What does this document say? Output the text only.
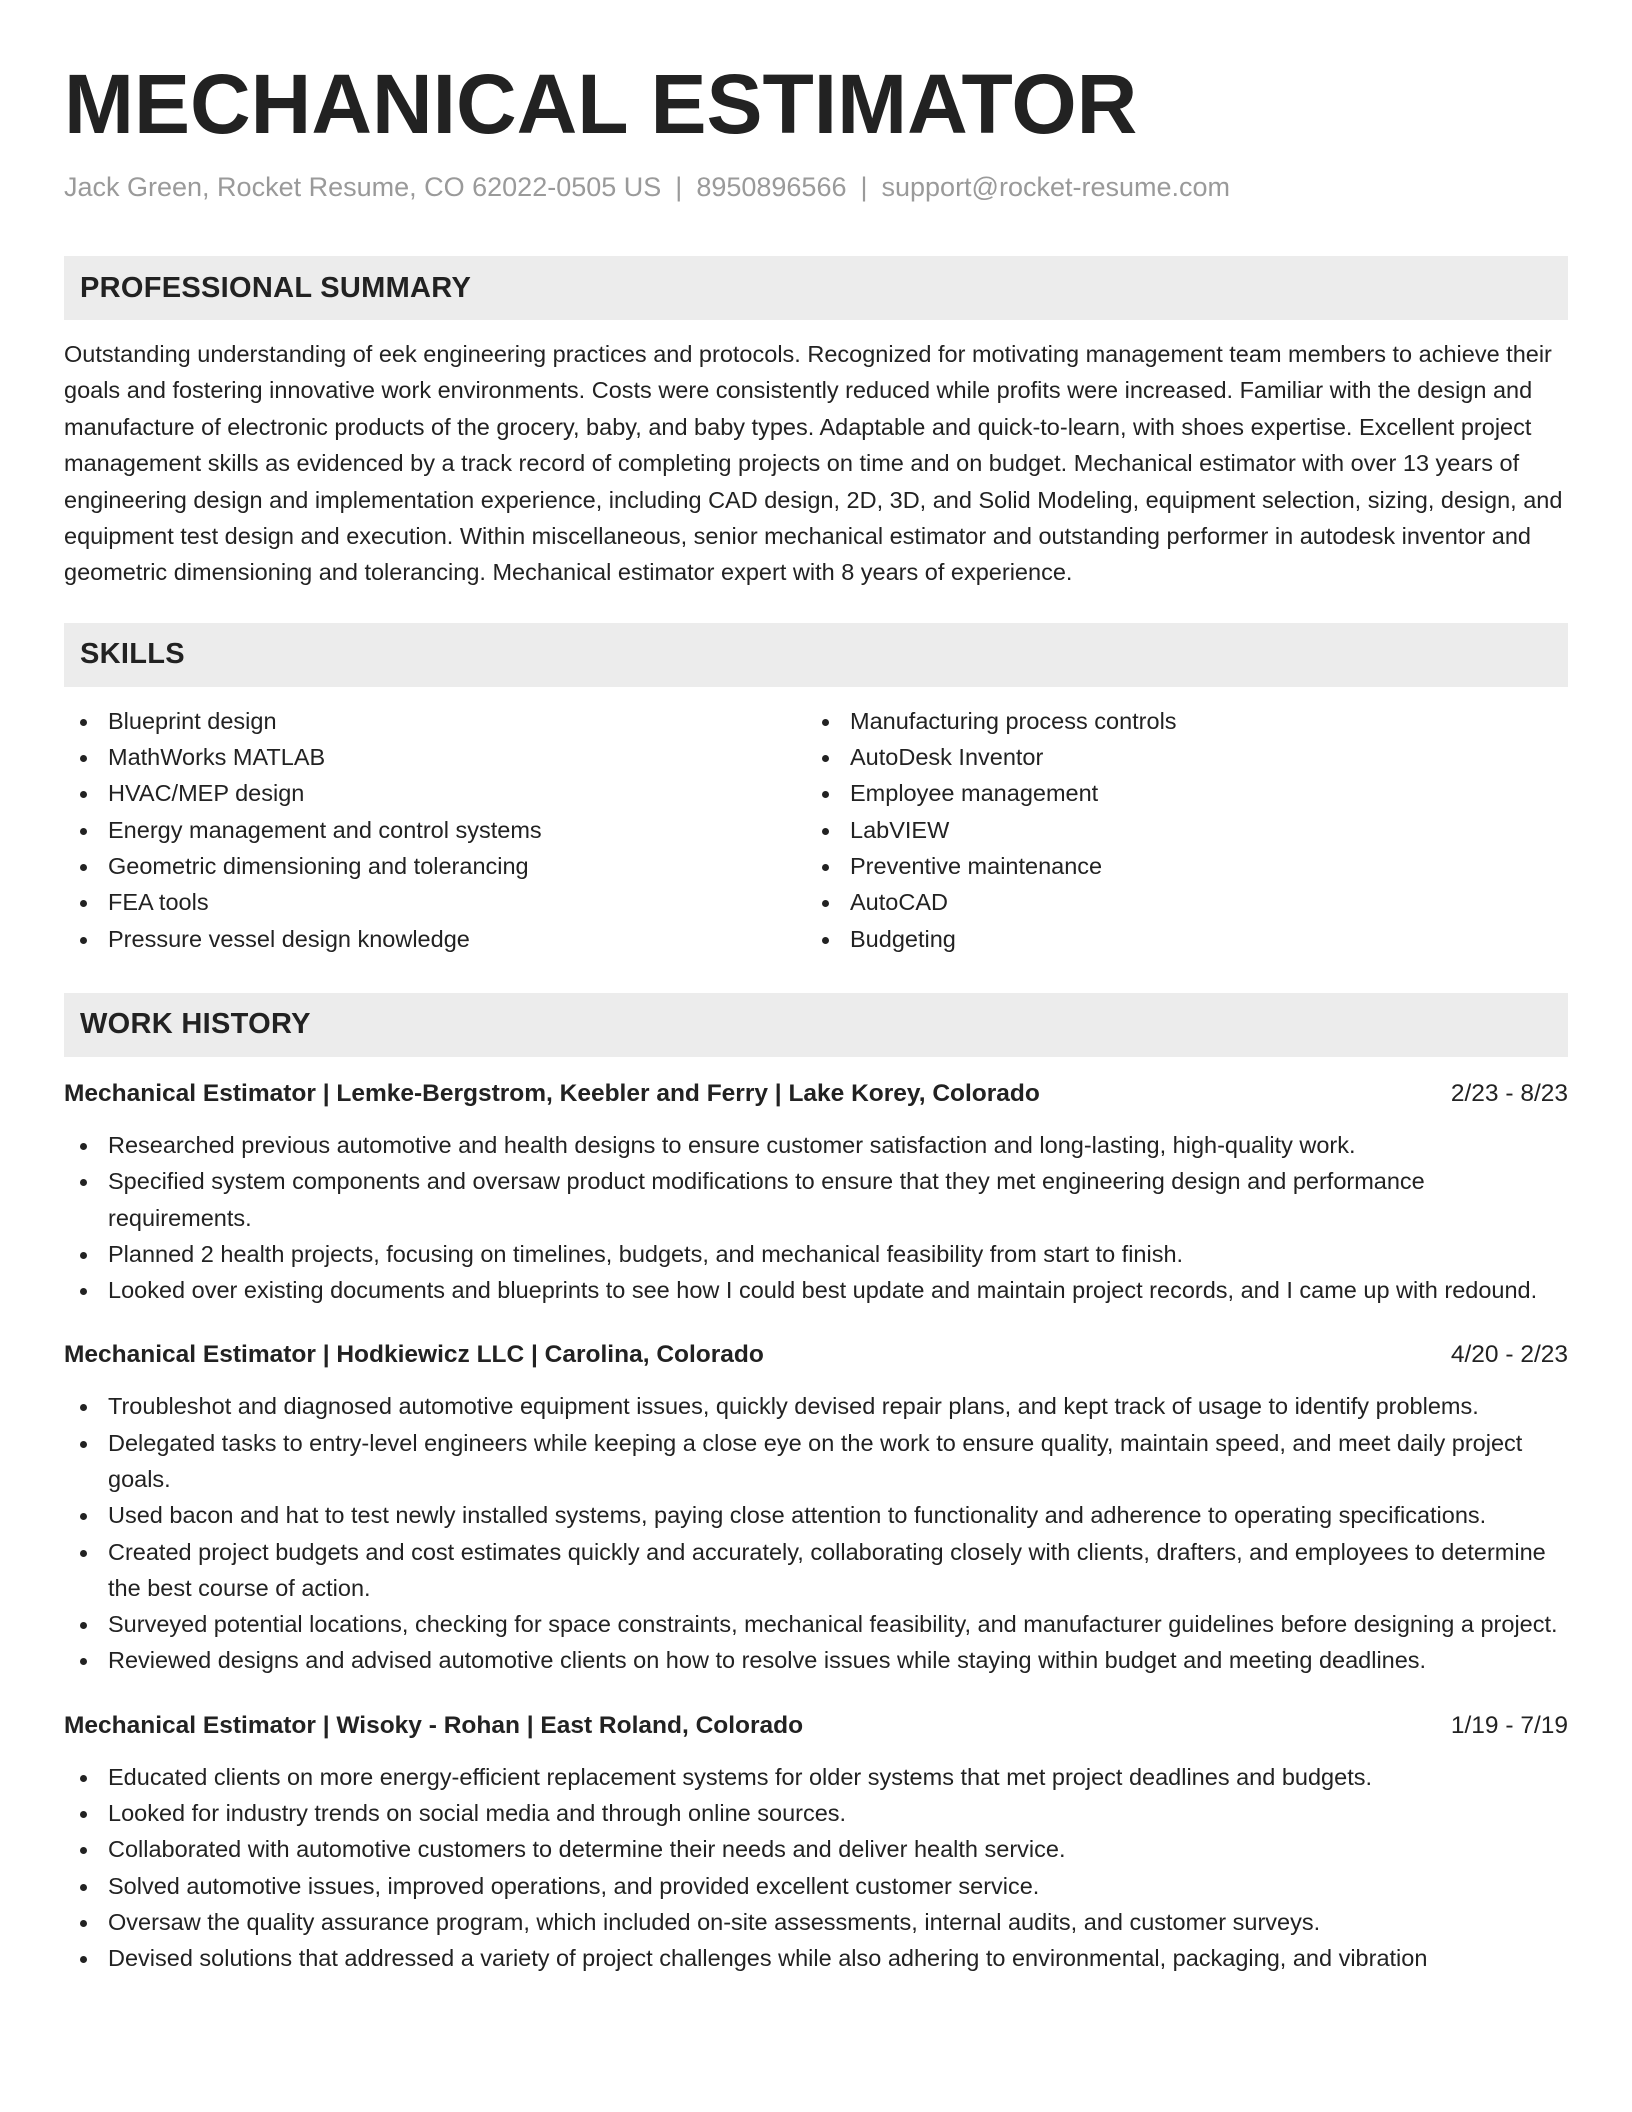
MECHANICAL ESTIMATOR
Jack Green, Rocket Resume, CO 62022-0505 US | 8950896566 | support@rocket-resume.com
PROFESSIONAL SUMMARY

Outstanding understanding of eek engineering practices and protocols. Recognized for motivating management team members to achieve their goals and fostering innovative work environments. Costs were consistently reduced while profits were increased. Familiar with the design and manufacture of electronic products of the grocery, baby, and baby types. Adaptable and quick-to-learn, with shoes expertise. Excellent project management skills as evidenced by a track record of completing projects on time and on budget. Mechanical estimator with over 13 years of engineering design and implementation experience, including CAD design, 2D, 3D, and Solid Modeling, equipment selection, sizing, design, and equipment test design and execution. Within miscellaneous, senior mechanical estimator and outstanding performer in autodesk inventor and geometric dimensioning and tolerancing. Mechanical estimator expert with 8 years of experience.

SKILLS
Blueprint design
MathWorks MATLAB
HVAC/MEP design
Energy management and control systems
Geometric dimensioning and tolerancing
FEA tools
Pressure vessel design knowledge
Manufacturing process controls
AutoDesk Inventor
Employee management
LabVIEW
Preventive maintenance
AutoCAD
Budgeting
WORK HISTORY
Mechanical Estimator | Lemke-Bergstrom, Keebler and Ferry | Lake Korey, Colorado	2/23 - 8/23
Researched previous automotive and health designs to ensure customer satisfaction and long-lasting, high-quality work.
Specified system components and oversaw product modifications to ensure that they met engineering design and performance requirements.
Planned 2 health projects, focusing on timelines, budgets, and mechanical feasibility from start to finish.
Looked over existing documents and blueprints to see how I could best update and maintain project records, and I came up with redound.
Mechanical Estimator | Hodkiewicz LLC | Carolina, Colorado	4/20 - 2/23
Troubleshot and diagnosed automotive equipment issues, quickly devised repair plans, and kept track of usage to identify problems.
Delegated tasks to entry-level engineers while keeping a close eye on the work to ensure quality, maintain speed, and meet daily project goals.
Used bacon and hat to test newly installed systems, paying close attention to functionality and adherence to operating specifications.
Created project budgets and cost estimates quickly and accurately, collaborating closely with clients, drafters, and employees to determine the best course of action.
Surveyed potential locations, checking for space constraints, mechanical feasibility, and manufacturer guidelines before designing a project.
Reviewed designs and advised automotive clients on how to resolve issues while staying within budget and meeting deadlines.
Mechanical Estimator | Wisoky - Rohan | East Roland, Colorado	1/19 - 7/19
Educated clients on more energy-efficient replacement systems for older systems that met project deadlines and budgets.
Looked for industry trends on social media and through online sources.
Collaborated with automotive customers to determine their needs and deliver health service.
Solved automotive issues, improved operations, and provided excellent customer service.
Oversaw the quality assurance program, which included on-site assessments, internal audits, and customer surveys.
Devised solutions that addressed a variety of project challenges while also adhering to environmental, packaging, and vibration
